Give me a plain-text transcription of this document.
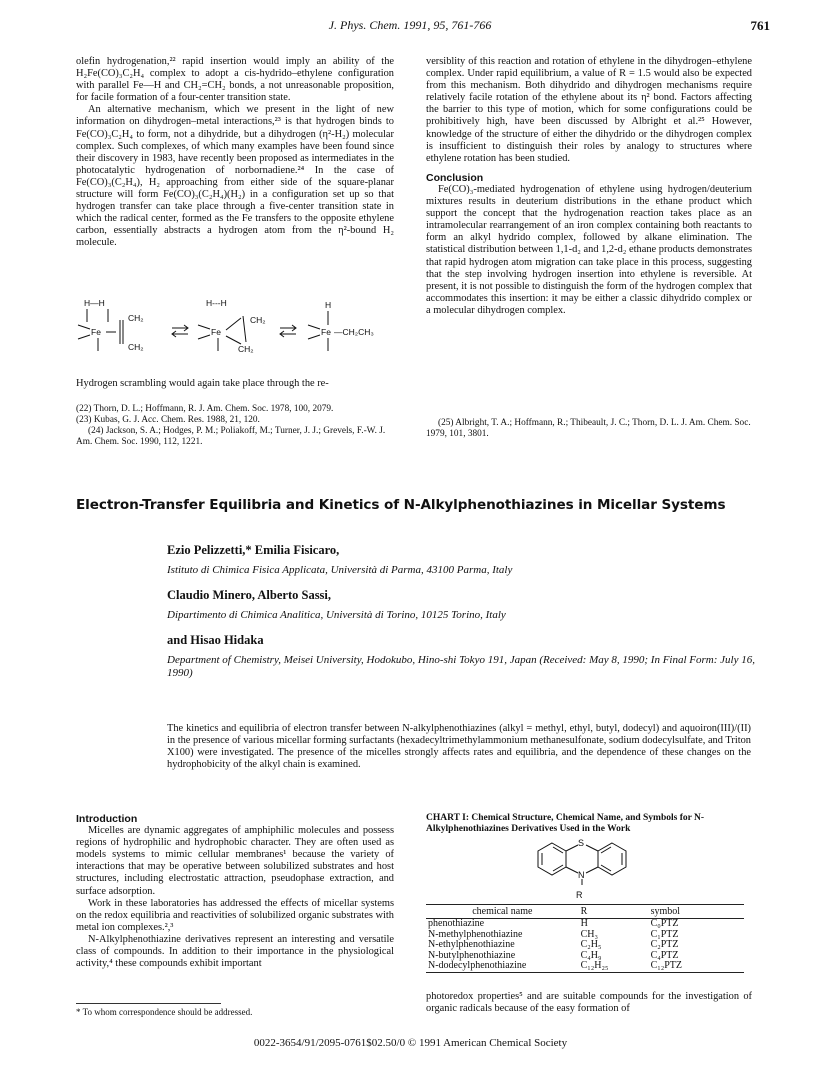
J. Phys. Chem. 1991, 95, 761-766	761

olefin hydrogenation,²² rapid insertion would imply an ability of the H₂Fe(CO)₃C₂H₄ complex to adopt a cis-hydrido–ethylene configuration with parallel Fe—H and CH₂=CH₂ bonds, a not unreasonable proposition, for facile formation of a four-center transition state.

An alternative mechanism, which we present in the light of new information on dihydrogen–metal interactions,²³ is that hydrogen binds to Fe(CO)₃C₂H₄ to form, not a dihydride, but a dihydrogen (η²-H₂) molecular complex. Such complexes, of which many examples have been found since their discovery in 1983, have recently been proposed as intermediates in the photocatalytic hydrogenation of norbornadiene.²⁴ In the case of Fe(CO)₃(C₂H₄), H₂ approaching from either side of the square-planar structure will form Fe(CO)₃(C₂H₄)(H₂) in a configuration set up so that hydrogen transfer can take place through a five-center transition state in which the radical center, formed as the Fe transfers to the opposite ethylene carbon, essentially abstracts a hydrogen atom from the η²-bound H₂ molecule.

H—H
Fe
CH₂
CH₂
H---H
Fe
CH₂
CH₂
H
Fe —CH₂CH₃

Hydrogen scrambling would again take place through the re-

(22) Thorn, D. L.; Hoffmann, R. J. Am. Chem. Soc. 1978, 100, 2079.
(23) Kubas, G. J. Acc. Chem. Res. 1988, 21, 120.
(24) Jackson, S. A.; Hodges, P. M.; Poliakoff, M.; Turner, J. J.; Grevels, F.-W. J. Am. Chem. Soc. 1990, 112, 1221.

versiblity of this reaction and rotation of ethylene in the dihydrogen–ethylene complex. Under rapid equilibrium, a value of R = 1.5 would also be expected from this mechanism. Both dihydrido and dihydrogen mechanisms require relatively facile rotation of the ethylene about its η² bond. Factors affecting the barrier to this type of motion, which for some configurations could be prohibitively high, have been discussed by Albright et al.²⁵ However, knowledge of the structure of either the dihydrido or the dihydrogen complex is insufficient to distinguish their roles by analogy to structures where ethylene rotation has been studied.

Conclusion

Fe(CO)₃-mediated hydrogenation of ethylene using hydrogen/deuterium mixtures results in deuterium distributions in the ethane product which support the concept that the hydrogenation reaction takes place as an intramolecular rearrangement of an iron complex containing both reactants to form an alkyl hydrido complex, followed by alkane elimination. The statistical distribution between 1,1-d₂ and 1,2-d₂ ethane products demonstrates that rapid hydrogen atom migration can take place in this process, suggesting that the step involving hydrogen insertion into ethylene is reversible. At present, it is not possible to distinguish the form of the hydrogen complex that accommodates this insertion: it may be either a classic dihydrido complex or a molecular dihydrogen complex.

(25) Albright, T. A.; Hoffmann, R.; Thibeault, J. C.; Thorn, D. L. J. Am. Chem. Soc. 1979, 101, 3801.
Electron-Transfer Equilibria and Kinetics of N-Alkylphenothiazines in Micellar Systems
Ezio Pelizzetti,* Emilia Fisicaro,
Istituto di Chimica Fisica Applicata, Università di Parma, 43100 Parma, Italy
Claudio Minero, Alberto Sassi,
Dipartimento di Chimica Analitica, Università di Torino, 10125 Torino, Italy
and Hisao Hidaka
Department of Chemistry, Meisei University, Hodokubo, Hino-shi Tokyo 191, Japan (Received: May 8, 1990; In Final Form: July 16, 1990)
The kinetics and equilibria of electron transfer between N-alkylphenothiazines (alkyl = methyl, ethyl, butyl, dodecyl) and aquoiron(III)/(II) in the presence of various micellar forming surfactants (hexadecyltrimethylammonium methanesulfonate, sodium dodecylsulfate, and Triton X100) were investigated. The presence of the micelles strongly affects rates and equilibria, and the dependence of these changes on the hydrophobicity of the alkyl chain is examined.

Introduction

Micelles are dynamic aggregates of amphiphilic molecules and possess regions of hydrophilic and hydrophobic character. They are often used as models systems to mimic cellular membranes¹ because the variety of interactions that may be operative between solubilized substrates and host structures, including electrostatic attraction, pseudophase extraction, and surface adsorption.

Work in these laboratories has addressed the effects of micellar systems on the redox equilibria and reactivities of solubilized organic substrates with metal ion complexes.²,³

N-Alkylphenothiazine derivatives represent an interesting and versatile class of compounds. In addition to their importance in the physiological activity,⁴ these compounds exhibit important

* To whom correspondence should be addressed.
CHART I: Chemical Structure, Chemical Name, and Symbols for N-Alkylphenothiazines Derivatives Used in the Work
S
N
R
chemical name	R	symbol
phenothiazine	H	C₀PTZ
N-methylphenothiazine	CH₃	C₁PTZ
N-ethylphenothiazine	C₂H₅	C₂PTZ
N-butylphenothiazine	C₄H₉	C₄PTZ
N-dodecylphenothiazine	C₁₂H₂₅	C₁₂PTZ

photoredox properties⁵ and are suitable compounds for the investigation of organic radicals because of the easy formation of

0022-3654/91/2095-0761$02.50/0 © 1991 American Chemical Society
